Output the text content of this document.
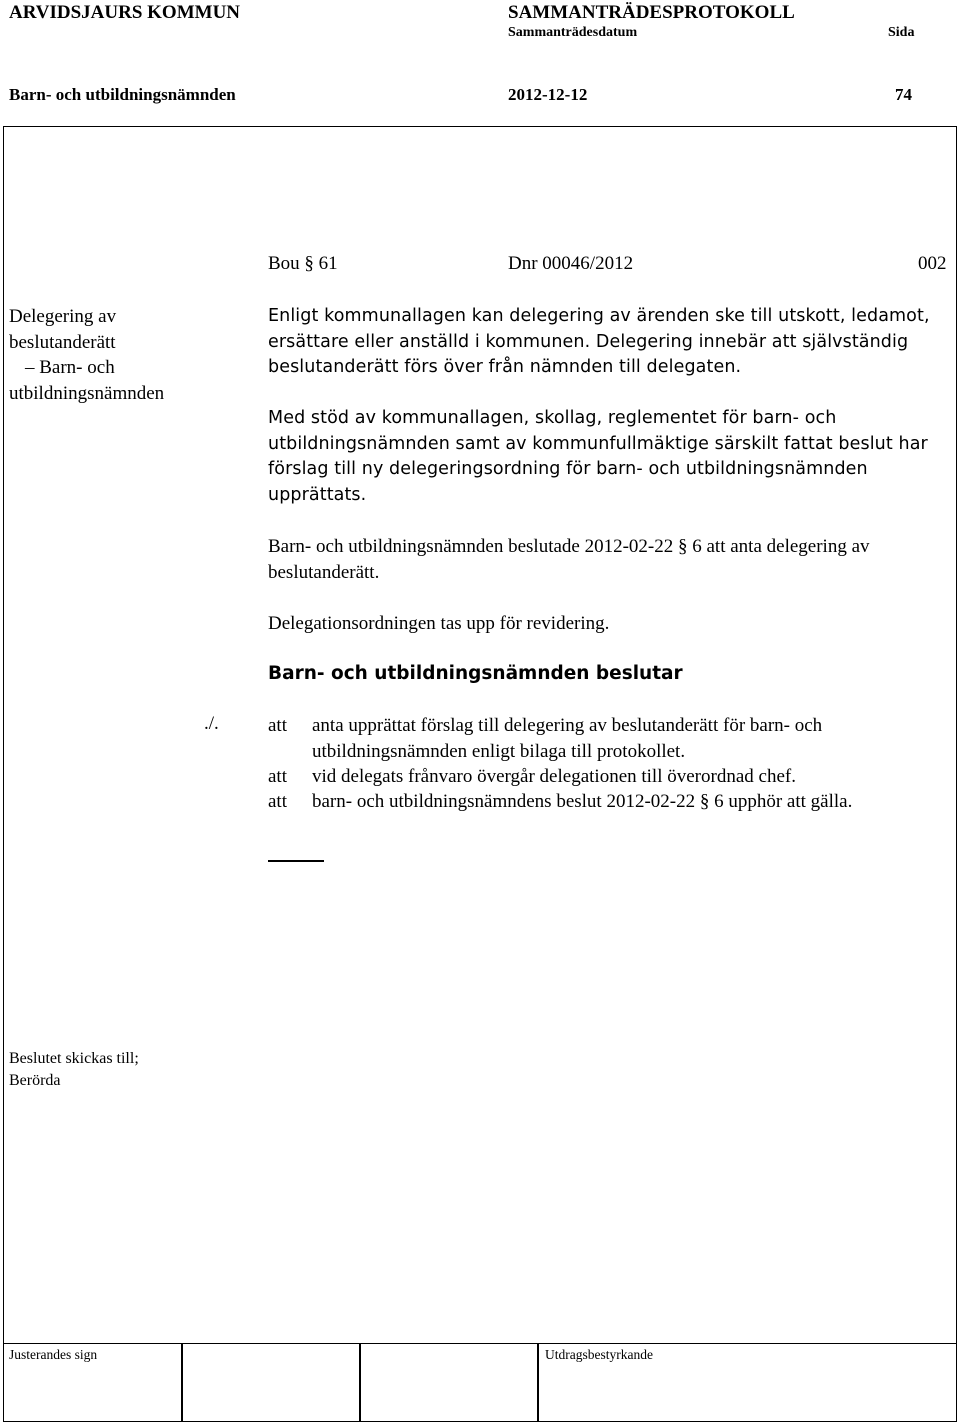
ARVIDSJAURS KOMMUN	SAMMANTRÄDESPROTOKOLL
Sammanträdesdatum	Sida
Barn- och utbildningsnämnden	2012-12-12	74
Bou § 61	Dnr 00046/2012	002
Delegering av
beslutanderätt
– Barn- och
utbildningsnämnden
Enligt kommunallagen kan delegering av ärenden ske till utskott, ledamot, ersättare eller anställd i kommunen. Delegering innebär att självständig beslutanderätt förs över från nämnden till delegaten.
Med stöd av kommunallagen, skollag, reglementet för barn- och utbildningsnämnden samt av kommunfullmäktige särskilt fattat beslut har förslag till ny delegeringsordning för barn- och utbildningsnämnden upprättats.
Barn- och utbildningsnämnden beslutade 2012-02-22 § 6 att anta delegering av beslutanderätt.
Delegationsordningen tas upp för revidering.
Barn- och utbildningsnämnden beslutar
./.	att anta upprättat förslag till delegering av beslutanderätt för barn- och utbildningsnämnden enligt bilaga till protokollet.
att vid delegats frånvaro övergår delegationen till överordnad chef.
att barn- och utbildningsnämndens beslut 2012-02-22 § 6 upphör att gälla.
Beslutet skickas till;
Berörda
Justerandes sign	Utdragsbestyrkande
